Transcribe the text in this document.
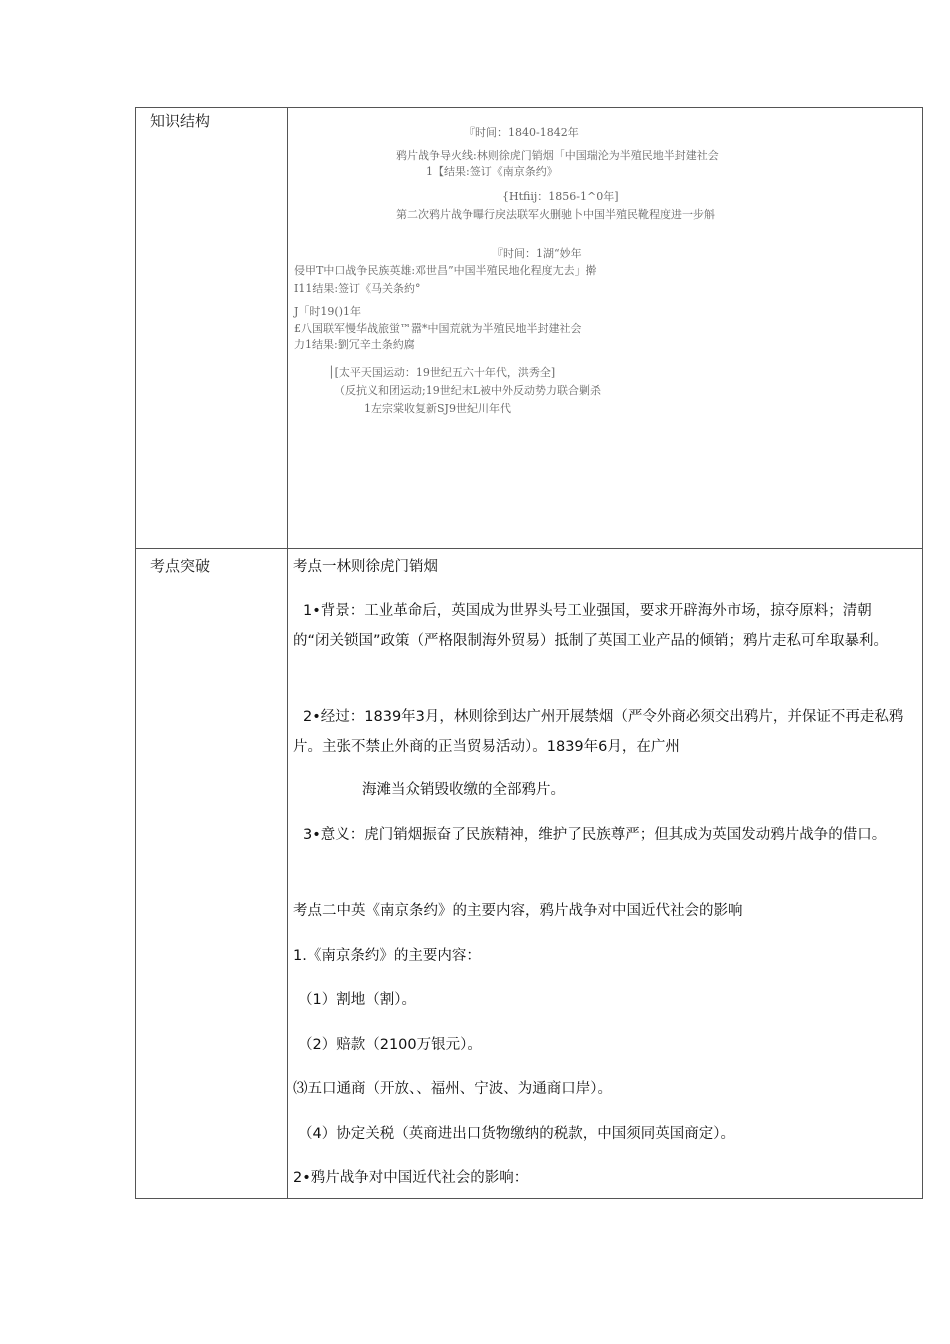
知识结构
考点突破
『时间：1840-1842年
鸦片战争导火线:林则徐虎门销烟「中国瑞沦为半殖民地半封建社会
1【结果:签订《南京条约》
{Htfiij：1856-1^0年]
第二次鸦片战争曝行戾法联军火删驰卜中国半殖民靴程度进一步斛
『时间：1湖“妙年
侵甲T中口战争民族英雄:邓世昌”中国半殖民地化程度尢去」擀
I11结果:签订《马关条約°
J「时19()1年
£八国联军慢华战旅蛍™嚣*中国荒就为半殖民地半封建社会
力1结果:劉冗辛土条約腐
│[太平天国运动：19世纪五六十年代，洪秀全]
（反抗义和团运动;19世纪末L被中外反动势力联合剿杀
1左宗棠收复新SJ9世紀川年代
考点一林则徐虎门销烟
1•背景：工业革命后，英国成为世界头号工业强国，要求开辟海外市场，掠夺原料；清朝的“闭关锁国”政策（严格限制海外贸易）抵制了英国工业产品的倾销；鸦片走私可牟取暴利。
2•经过：1839年3月，林则徐到达广州开展禁烟（严令外商必须交出鸦片，并保证不再走私鸦片。主张不禁止外商的正当贸易活动）。1839年6月，在广州
海滩当众销毁收缴的全部鸦片。
3•意义：虎门销烟振奋了民族精神，维护了民族尊严；但其成为英国发动鸦片战争的借口。
考点二中英《南京条约》的主要内容，鸦片战争对中国近代社会的影响
1.《南京条约》的主要内容：
（1）割地（割）。
（2）赔款（2100万银元）。
⑶五口通商（开放、、福州、宁波、为通商口岸）。
（4）协定关税（英商进出口货物缴纳的税款，中国须同英国商定）。
2•鸦片战争对中国近代社会的影响：
